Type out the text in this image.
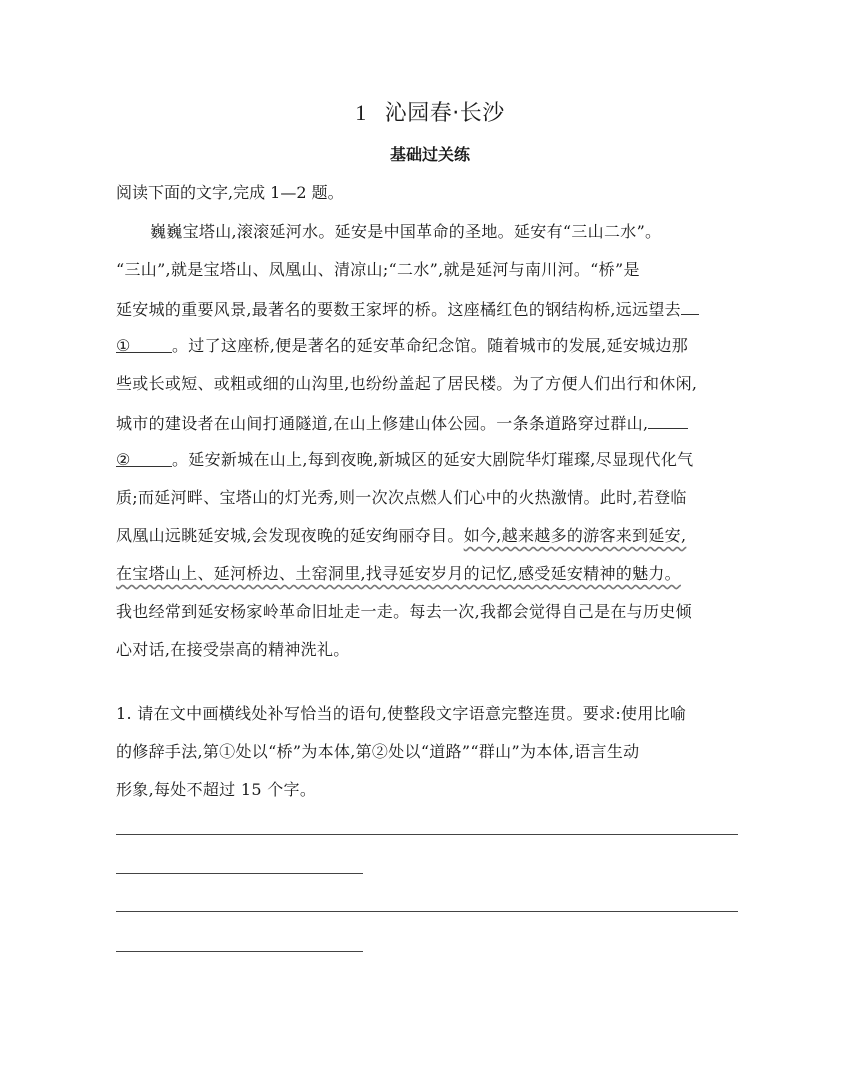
1 沁园春·长沙
基础过关练
阅读下面的文字,完成 1—2 题。
巍巍宝塔山,滚滚延河水。延安是中国革命的圣地。延安有“三山二水”。
“三山”,就是宝塔山、凤凰山、清凉山;“二水”,就是延河与南川河。“桥”是
延安城的重要风景,最著名的要数王家坪的桥。这座橘红色的钢结构桥,远远望去
①	。过了这座桥,便是著名的延安革命纪念馆。随着城市的发展,延安城边那
些或长或短、或粗或细的山沟里,也纷纷盖起了居民楼。为了方便人们出行和休闲,
城市的建设者在山间打通隧道,在山上修建山体公园。一条条道路穿过群山,
②	。延安新城在山上,每到夜晚,新城区的延安大剧院华灯璀璨,尽显现代化气
质;而延河畔、宝塔山的灯光秀,则一次次点燃人们心中的火热激情。此时,若登临
凤凰山远眺延安城,会发现夜晚的延安绚丽夺目。如今,越来越多的游客来到延安,
在宝塔山上、延河桥边、土窑洞里,找寻延安岁月的记忆,感受延安精神的魅力。
我也经常到延安杨家岭革命旧址走一走。每去一次,我都会觉得自己是在与历史倾
心对话,在接受崇高的精神洗礼。
1. 请在文中画横线处补写恰当的语句,使整段文字语意完整连贯。要求:使用比喻
的修辞手法,第①处以“桥”为本体,第②处以“道路”“群山”为本体,语言生动
形象,每处不超过 15 个字。
